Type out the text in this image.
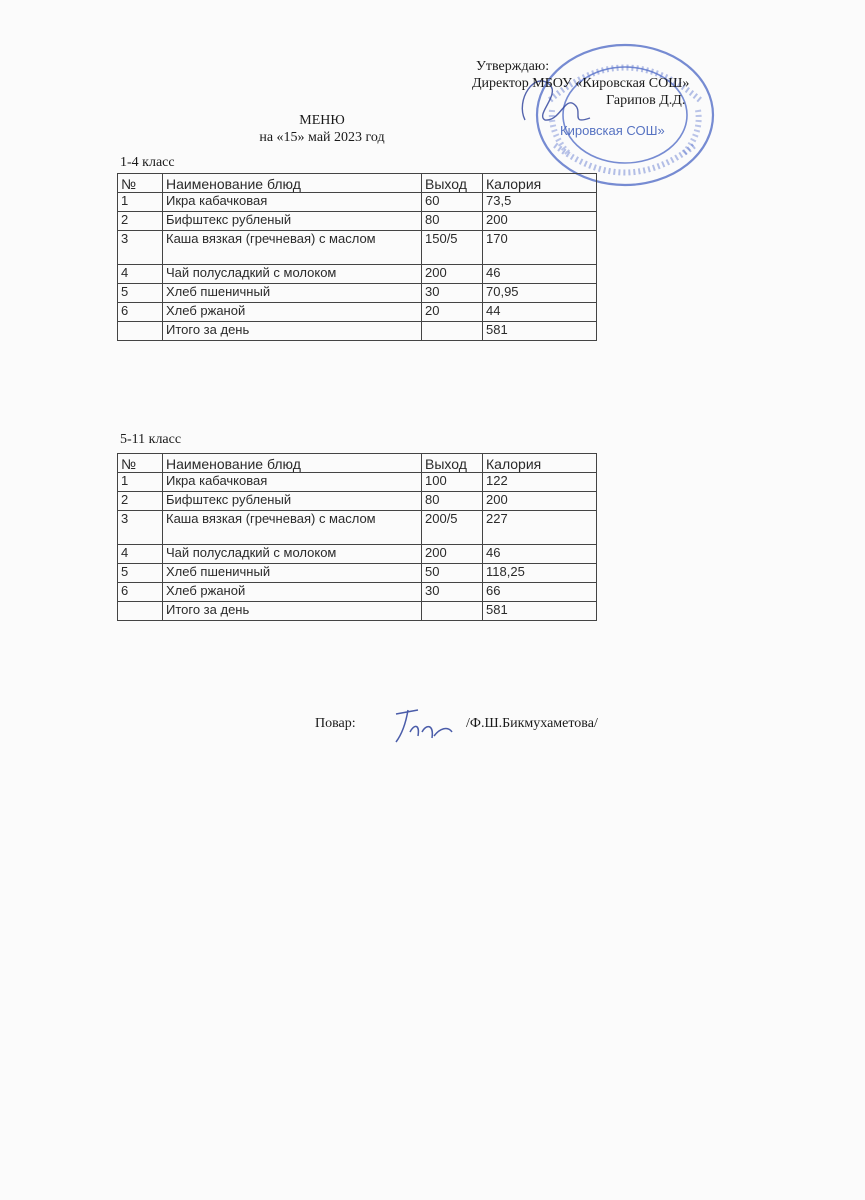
Кировская СОШ»
Утверждаю:
Директор МБОУ «Кировская СОШ»
Гарипов Д.Д.
МЕНЮ
на «15» май 2023 год
1-4 класс
№	Наименование блюд	Выход	Калория
1	Икра кабачковая	60	73,5
2	Бифштекс рубленый	80	200
3	Каша вязкая (гречневая) с маслом	150/5	170
4	Чай полусладкий с молоком	200	46
5	Хлеб пшеничный	30	70,95
6	Хлеб ржаной	20	44
	Итого за день		581
5-11 класс
№	Наименование блюд	Выход	Калория
1	Икра кабачковая	100	122
2	Бифштекс рубленый	80	200
3	Каша вязкая (гречневая) с маслом	200/5	227
4	Чай полусладкий с молоком	200	46
5	Хлеб пшеничный	50	118,25
6	Хлеб ржаной	30	66
	Итого за день		581
Повар:	/Ф.Ш.Бикмухаметова/
